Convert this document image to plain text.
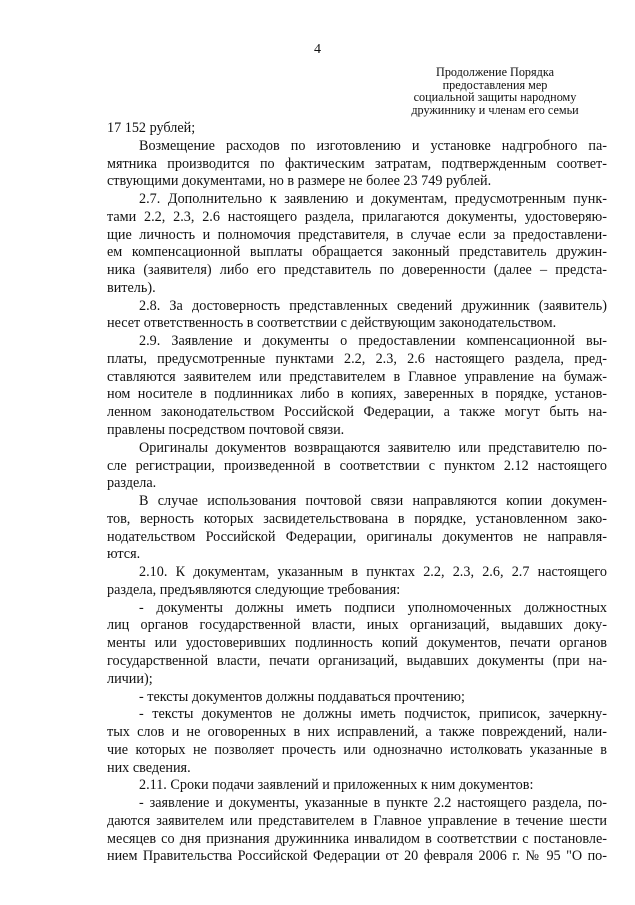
4
Продолжение Порядка
предоставления мер
социальной защиты народному
дружиннику и членам его семьи
17 152 рублей;
Возмещение расходов по изготовлению и установке надгробного па-
мятника производится по фактическим затратам, подтвержденным соответ-
ствующими документами, но в размере не более 23 749 рублей.
2.7. Дополнительно к заявлению и документам, предусмотренным пунк-
тами 2.2, 2.3, 2.6 настоящего раздела, прилагаются документы, удостоверяю-
щие личность и полномочия представителя, в случае если за предоставлени-
ем компенсационной выплаты обращается законный представитель дружин-
ника (заявителя) либо его представитель по доверенности (далее – предста-
витель).
2.8. За достоверность представленных сведений дружинник (заявитель)
несет ответственность в соответствии с действующим законодательством.
2.9. Заявление и документы о предоставлении компенсационной вы-
платы, предусмотренные пунктами 2.2, 2.3, 2.6 настоящего раздела, пред-
ставляются заявителем или представителем в Главное управление на бумаж-
ном носителе в подлинниках либо в копиях, заверенных в порядке, установ-
ленном законодательством Российской Федерации, а также могут быть на-
правлены посредством почтовой связи.
Оригиналы документов возвращаются заявителю или представителю по-
сле регистрации, произведенной в соответствии с пунктом 2.12 настоящего
раздела.
В случае использования почтовой связи направляются копии докумен-
тов, верность которых засвидетельствована в порядке, установленном зако-
нодательством Российской Федерации, оригиналы документов не направля-
ются.
2.10. К документам, указанным в пунктах 2.2, 2.3, 2.6, 2.7 настоящего
раздела, предъявляются следующие требования:
- документы должны иметь подписи уполномоченных должностных
лиц органов государственной власти, иных организаций, выдавших доку-
менты или удостоверивших подлинность копий документов, печати органов
государственной власти, печати организаций, выдавших документы (при на-
личии);
- тексты документов должны поддаваться прочтению;
- тексты документов не должны иметь подчисток, приписок, зачеркну-
тых слов и не оговоренных в них исправлений, а также повреждений, нали-
чие которых не позволяет прочесть или однозначно истолковать указанные в
них сведения.
2.11. Сроки подачи заявлений и приложенных к ним документов:
- заявление и документы, указанные в пункте 2.2 настоящего раздела, по-
даются заявителем или представителем в Главное управление в течение шести
месяцев со дня признания дружинника инвалидом в соответствии с постановле-
нием Правительства Российской Федерации от 20 февраля 2006 г. № 95 "О по-
